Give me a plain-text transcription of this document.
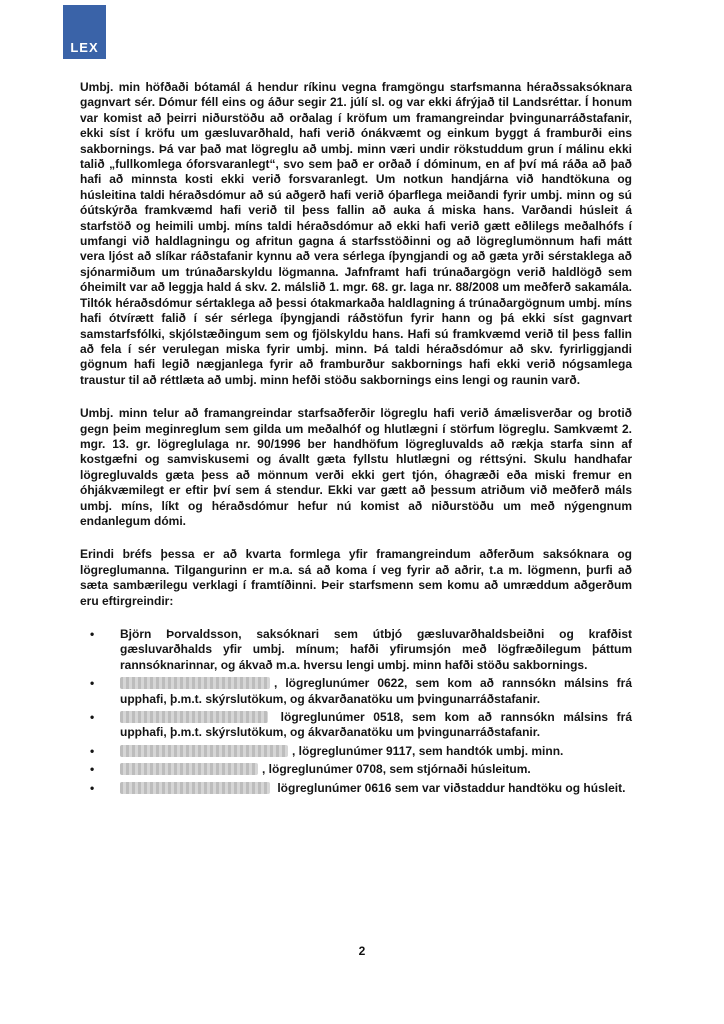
LEX

Umbj. min höfðaði bótamál á hendur ríkinu vegna framgöngu starfsmanna héraðssaksóknara gagnvart sér. Dómur féll eins og áður segir 21. júlí sl. og var ekki áfrýjað til Landsréttar. Í honum var komist að þeirri niðurstöðu að orðalag í kröfum um framangreindar þvingunarráðstafanir, ekki síst í kröfu um gæsluvarðhald, hafi verið ónákvæmt og einkum byggt á framburði eins sakbornings. Þá var það mat lögreglu að umbj. minn væri undir rökstuddum grun í málinu ekki talið „fullkomlega óforsvaranlegt“, svo sem það er orðað í dóminum, en af því má ráða að það hafi að minnsta kosti ekki verið forsvaranlegt. Um notkun handjárna við handtökuna og húsleitina taldi héraðsdómur að sú aðgerð hafi verið óþarflega meiðandi fyrir umbj. minn og sú óútskýrða framkvæmd hafi verið til þess fallin að auka á miska hans. Varðandi húsleit á starfstöð og heimili umbj. míns taldi héraðsdómur að ekki hafi verið gætt eðlilegs meðalhófs í umfangi við haldlagningu og afritun gagna á starfsstöðinni og að lögreglumönnum hafi mátt vera ljóst að slíkar ráðstafanir kynnu að vera sérlega íþyngjandi og að gæta yrði sérstaklega að sjónarmiðum um trúnaðarskyldu lögmanna. Jafnframt hafi trúnaðargögn verið haldlögð sem óheimilt var að leggja hald á skv. 2. málslið 1. mgr. 68. gr. laga nr. 88/2008 um meðferð sakamála. Tiltók héraðsdómur sértaklega að þessi ótakmarkaða haldlagning á trúnaðargögnum umbj. míns hafi ótvírætt falið í sér sérlega íþyngjandi ráðstöfun fyrir hann og þá ekki síst gagnvart samstarfsfólki, skjólstæðingum sem og fjölskyldu hans. Hafi sú framkvæmd verið til þess fallin að fela í sér verulegan miska fyrir umbj. minn. Þá taldi héraðsdómur að skv. fyrirliggjandi gögnum hafi legið nægjanlega fyrir að framburður sakbornings hafi ekki verið nógsamlega traustur til að réttlæta að umbj. minn hefði stöðu sakbornings eins lengi og raunin varð.

Umbj. minn telur að framangreindar starfsaðferðir lögreglu hafi verið ámælisverðar og brotið gegn þeim meginreglum sem gilda um meðalhóf og hlutlægni í störfum lögreglu. Samkvæmt 2. mgr. 13. gr. lögreglulaga nr. 90/1996 ber handhöfum lögregluvalds að rækja starfa sinn af kostgæfni og samviskusemi og ávallt gæta fyllstu hlutlægni og réttsýni. Skulu handhafar lögregluvalds gæta þess að mönnum verði ekki gert tjón, óhagræði eða miski fremur en óhjákvæmilegt er eftir því sem á stendur. Ekki var gætt að þessum atriðum við meðferð máls umbj. míns, líkt og héraðsdómur hefur nú komist að niðurstöðu um með nýgengnum endanlegum dómi.

Erindi bréfs þessa er að kvarta formlega yfir framangreindum aðferðum saksóknara og lögreglumanna. Tilgangurinn er m.a. sá að koma í veg fyrir að aðrir, t.a m. lögmenn, þurfi að sæta sambærilegu verklagi í framtíðinni. Þeir starfsmenn sem komu að umræddum aðgerðum eru eftirgreindir:

• Björn Þorvaldsson, saksóknari sem útbjó gæsluvarðhaldsbeiðni og krafðist gæsluvarðhalds yfir umbj. mínum; hafði yfirumsjón með lögfræðilegum þáttum rannsóknarinnar, og ákvað m.a. hversu lengi umbj. minn hafði stöðu sakbornings.
• , lögreglunúmer 0622, sem kom að rannsókn málsins frá upphafi, þ.m.t. skýrslutökum, og ákvarðanatöku um þvingunarráðstafanir.
• lögreglunúmer 0518, sem kom að rannsókn málsins frá upphafi, þ.m.t. skýrslutökum, og ákvarðanatöku um þvingunarráðstafanir.
• , lögreglunúmer 9117, sem handtók umbj. minn.
• , lögreglunúmer 0708, sem stjórnaði húsleitum.
• lögreglunúmer 0616 sem var viðstaddur handtöku og húsleit.
2
